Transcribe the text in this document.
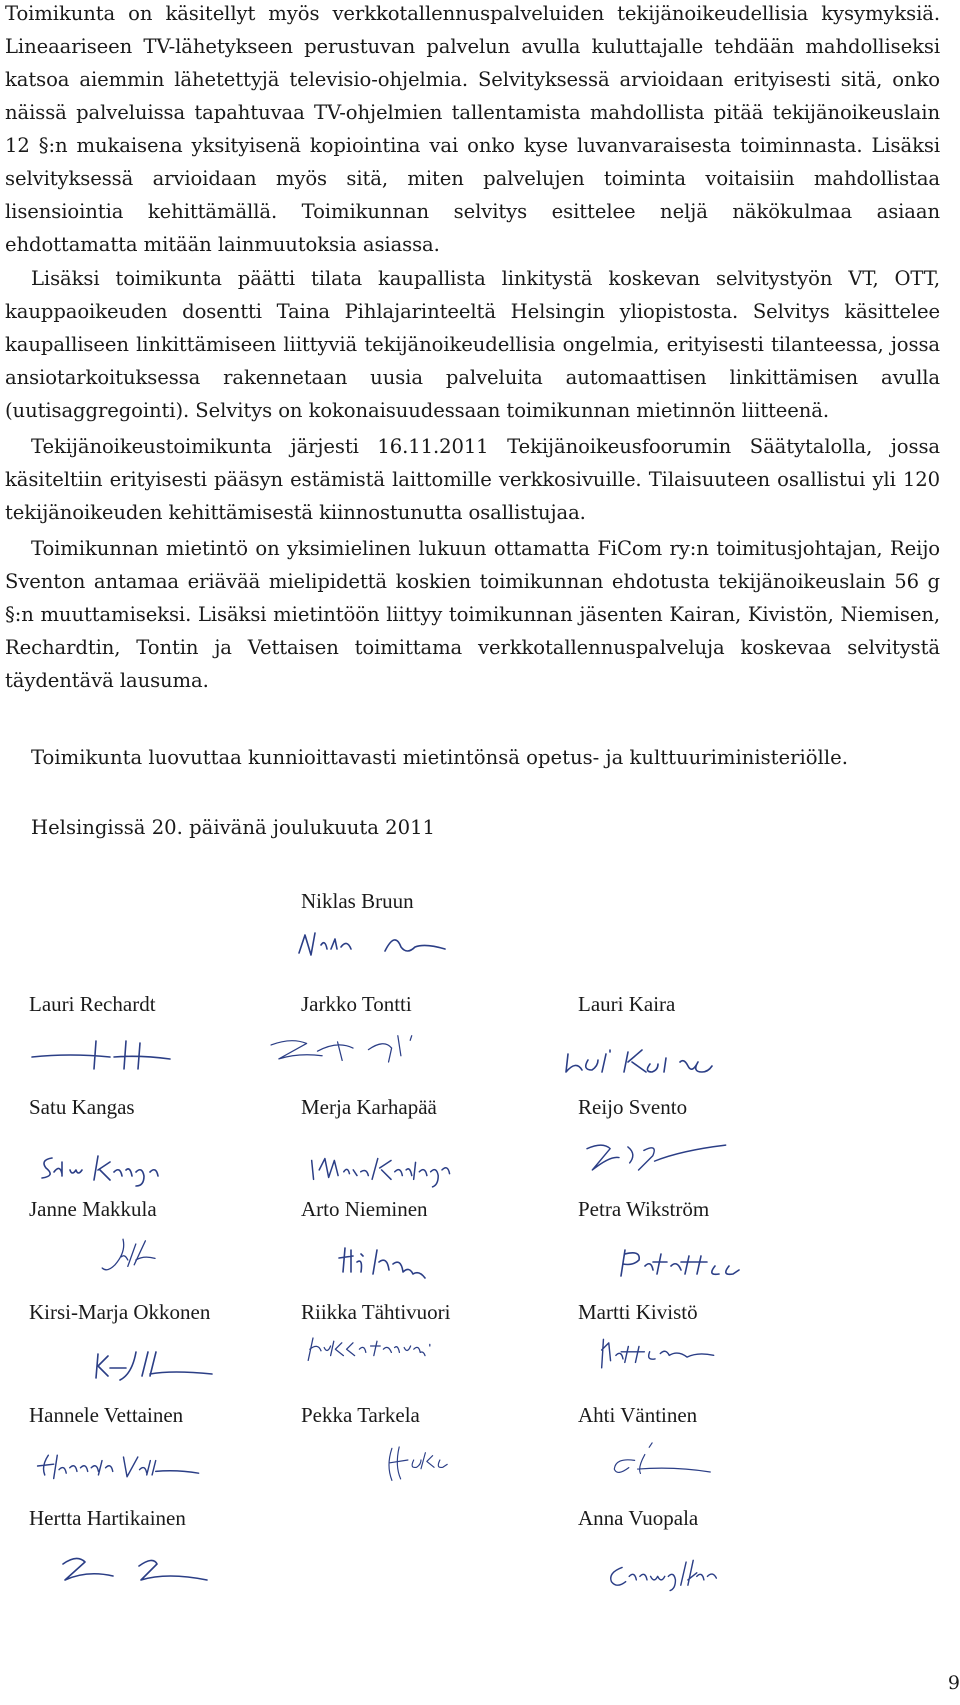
Toimikunta on käsitellyt myös verkkotallennuspalveluiden tekijänoikeudellisia kysymyksiä. Lineaariseen TV-lähetykseen perustuvan palvelun avulla kuluttajalle tehdään mahdolliseksi katsoa aiemmin lähetettyjä televisio-ohjelmia. Selvityksessä arvioidaan erityisesti sitä, onko näissä palveluissa tapahtuvaa TV-ohjelmien tallentamista mahdollista pitää tekijänoikeuslain 12 §:n mukaisena yksityisenä kopiointina vai onko kyse luvanvaraisesta toiminnasta. Lisäksi selvityksessä arvioidaan myös sitä, miten palvelujen toiminta voitaisiin mahdollistaa lisensiointia kehittämällä. Toimikunnan selvitys esittelee neljä näkökulmaa asiaan ehdottamatta mitään lainmuutoksia asiassa.

Lisäksi toimikunta päätti tilata kaupallista linkitystä koskevan selvitystyön VT, OTT, kauppaoikeuden dosentti Taina Pihlajarinteeltä Helsingin yliopistosta. Selvitys käsittelee kaupalliseen linkittämiseen liittyviä tekijänoikeudellisia ongelmia, erityisesti tilanteessa, jossa ansiotarkoituksessa rakennetaan uusia palveluita automaattisen linkittämisen avulla (uutisaggregointi). Selvitys on kokonaisuudessaan toimikunnan mietinnön liitteenä.

Tekijänoikeustoimikunta järjesti 16.11.2011 Tekijänoikeusfoorumin Säätytalolla, jossa käsiteltiin erityisesti pääsyn estämistä laittomille verkkosivuille. Tilaisuuteen osallistui yli 120 tekijänoikeuden kehittämisestä kiinnostunutta osallistujaa.

Toimikunnan mietintö on yksimielinen lukuun ottamatta FiCom ry:n toimitusjohtajan, Reijo Sventon antamaa eriävää mielipidettä koskien toimikunnan ehdotusta tekijänoikeuslain 56 g §:n muuttamiseksi. Lisäksi mietintöön liittyy toimikunnan jäsenten Kairan, Kivistön, Niemisen, Rechardtin, Tontin ja Vettaisen toimittama verkkotallennuspalveluja koskevaa selvitystä täydentävä lausuma.

Toimikunta luovuttaa kunnioittavasti mietintönsä opetus- ja kulttuuriministeriölle.

Helsingissä 20. päivänä joulukuuta 2011

Niklas Bruun
Lauri Rechardt	Jarkko Tontti	Lauri Kaira
Satu Kangas	Merja Karhapää	Reijo Svento
Janne Makkula	Arto Nieminen	Petra Wikström
Kirsi-Marja Okkonen	Riikka Tähtivuori	Martti Kivistö
Hannele Vettainen	Pekka Tarkela	Ahti Väntinen
Hertta Hartikainen	Anna Vuopala
9
